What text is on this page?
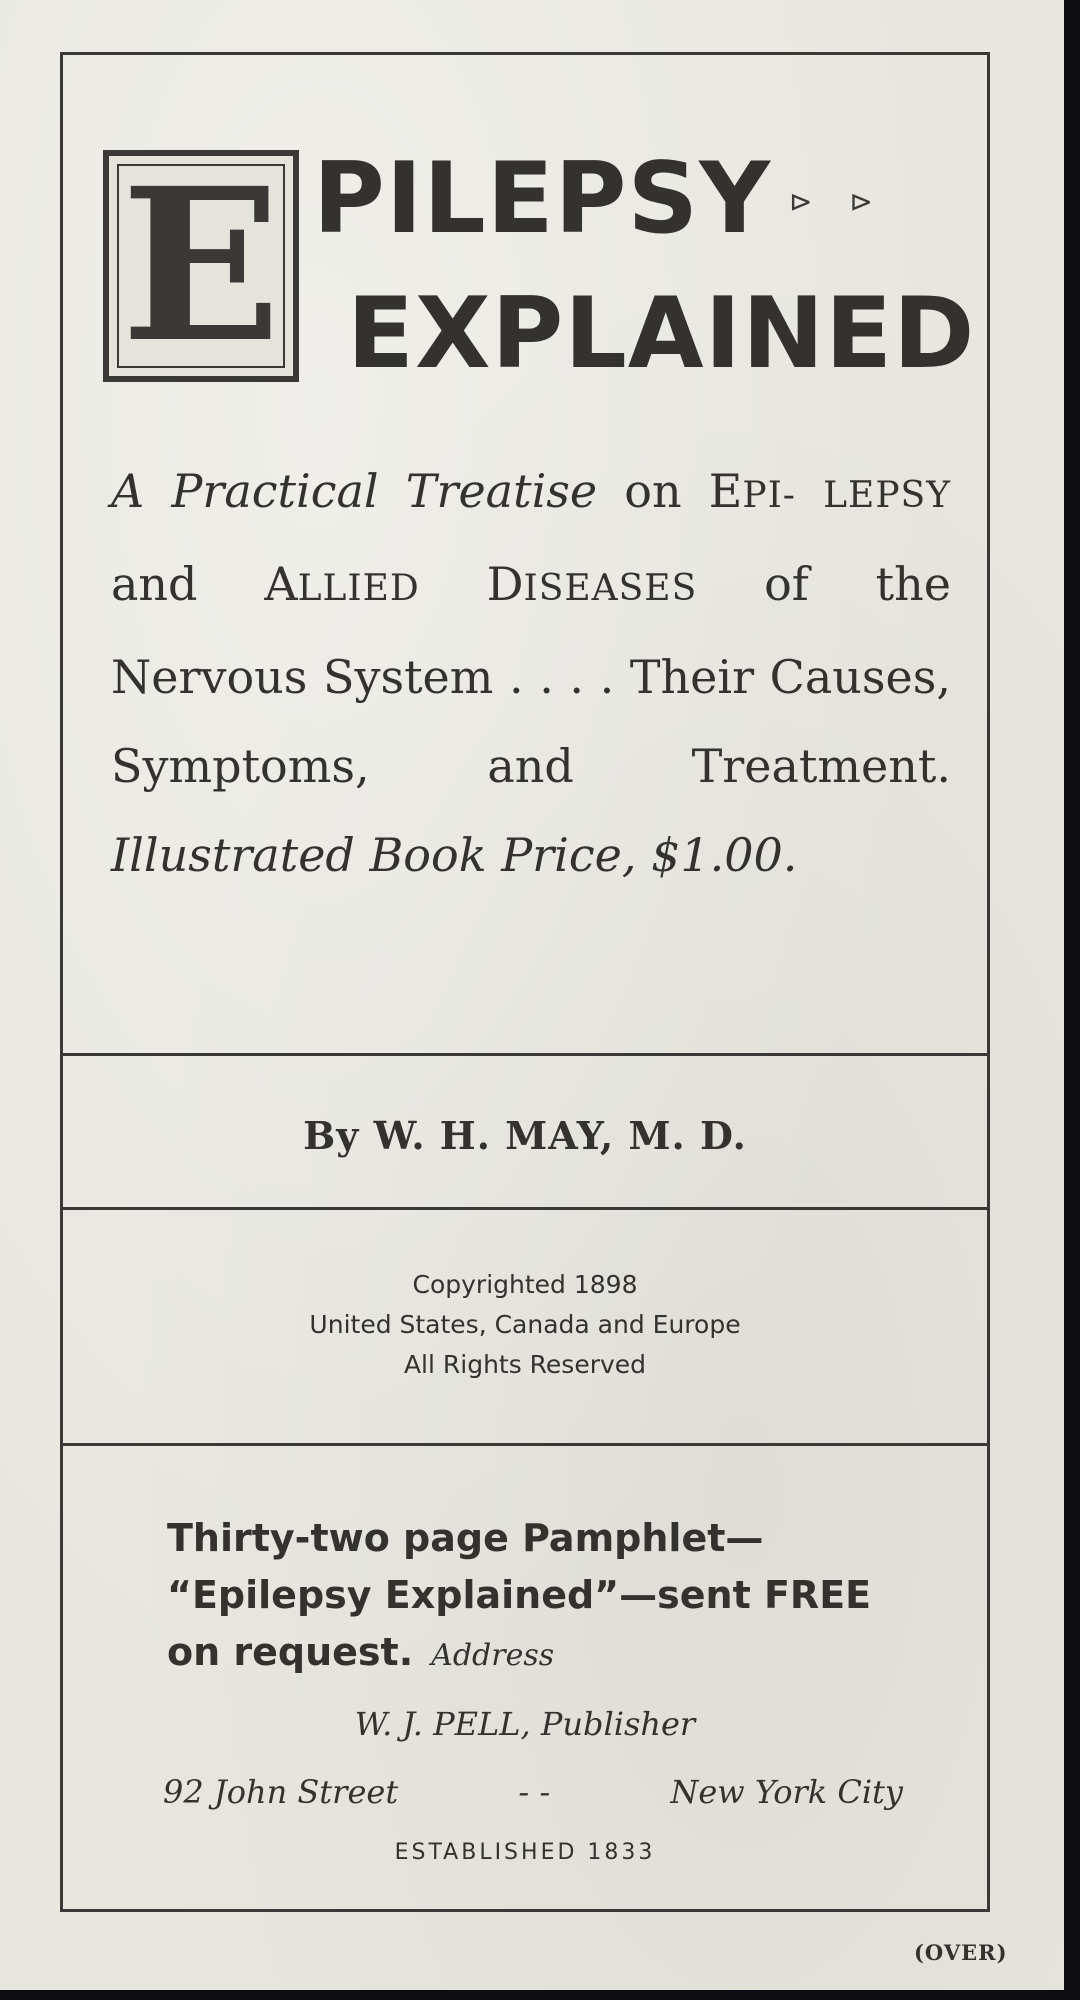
E PILEPSY ⊳ ⊳
EXPLAINED
A Practical Treatise on EPI- LEPSY and ALLIED DISEASES of the Nervous System . . . . Their Causes, Symptoms, and Treatment. Illustrated Book Price, $1.00.
By W. H. MAY, M. D.
Copyrighted 1898
United States, Canada and Europe
All Rights Reserved
Thirty-two page Pamphlet— “Epilepsy Explained”—sent FREE on request. Address
W. J. PELL, Publisher
92 John Street	- -	New York City
ESTABLISHED 1833
(OVER)
